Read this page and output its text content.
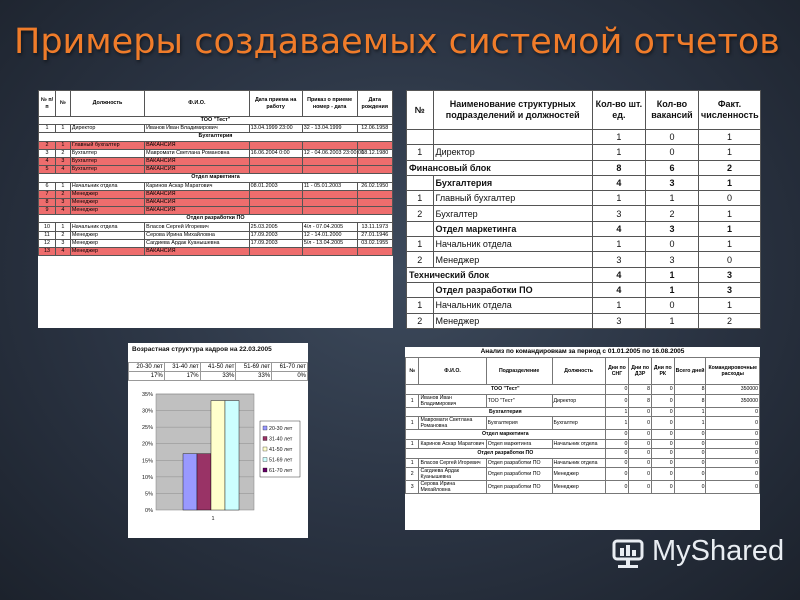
Примеры создаваемых системой отчетов
№ п/п	№	Должность	Ф.И.О.	Дата приема на работу	Приказ о приеме номер - дата	Дата рождения
ТОО "Тест"						
1	1	Директор	Иванов Иван Владимирович	13.04.1999 23:00	32 - 13.04.1999	12.06.1958
Бухгалтерия						
2	1	Главный бухгалтер	ВАКАНСИЯ			
3	2	Бухгалтер	Мавромати Светлана Романовна	16.06.2004 0:00	12 - 04.06.2003 23:00:00	18.12.1980
4	3	Бухгалтер	ВАКАНСИЯ			
5	4	Бухгалтер	ВАКАНСИЯ			
Отдел маркетинга						
6	1	Начальник отдела	Каринов Аскар Маратович	08.01.2003	11 - 05.01.2003	26.02.1950
7	2	Менеджер	ВАКАНСИЯ			
8	3	Менеджер	ВАКАНСИЯ			
9	4	Менеджер	ВАКАНСИЯ			
Отдел разработки ПО						
10	1	Начальник отдела	Власов Сергей Игоревич	25.03.2005	4/л - 07.04.2005	13.11.1973
11	2	Менеджер	Серова Ирина Михайловна	17.09.2003	12 - 14.01.2000	27.01.1946
12	3	Менеджер	Сагдиева Ардак Куанышевна	17.09.2003	5/л - 13.04.2005	03.02.1955
13	4	Менеджер	ВАКАНСИЯ			
№	Наименование структурных подразделений и должностей	Кол-во шт. ед.	Кол-во вакансий	Факт. численность
		1	0	1
1	Директор	1	0	1
Финансовый блок		8	6	2
	Бухгалтерия	4	3	1
1	Главный бухгалтер	1	1	0
2	Бухгалтер	3	2	1
	Отдел маркетинга	4	3	1
1	Начальник отдела	1	0	1
2	Менеджер	3	3	0
Технический блок		4	1	3
	Отдел разработки ПО	4	1	3
1	Начальник отдела	1	0	1
2	Менеджер	3	1	2
Возрастная структура кадров на 22.03.2005
20-30 лет	31-40 лет	41-50 лет	51-69 лет	61-70 лет
17%	17%	33%	33%	0%
0%
5%
10%
15%
20%
25%
30%
35%
1
20-30 лет
31-40 лет
41-50 лет
51-69 лет
61-70 лет
Анализ по командировкам за период с 01.01.2005 по 16.08.2005
№	Ф.И.О.	Подразделение	Должность	Дни по СНГ	Дни по ДЗР	Дни по РК	Всего дней	Командировочные расходы
ТОО "Тест"				0	8	0	8	350000
1	Иванов Иван Владимирович	ТОО "Тест"	Директор	0	8	0	8	350000
Бухгалтерия				1	0	0	1	0
1	Мавромати Светлана Романовна	Бухгалтерия	Бухгалтер	1	0	0	1	0
Отдел маркетинга				0	0	0	0	0
1	Каринов Аскар Маратович	Отдел маркетинга	Начальник отдела	0	0	0	0	0
Отдел разработки ПО				0	0	0	0	0
1	Власов Сергей Игоревич	Отдел разработки ПО	Начальник отдела	0	0	0	0	0
2	Сагдиева Ардак Куанышевна	Отдел разработки ПО	Менеджер	0	0	0	0	0
3	Серова Ирина Михайловна	Отдел разработки ПО	Менеджер	0	0	0	0	0
MyShared
